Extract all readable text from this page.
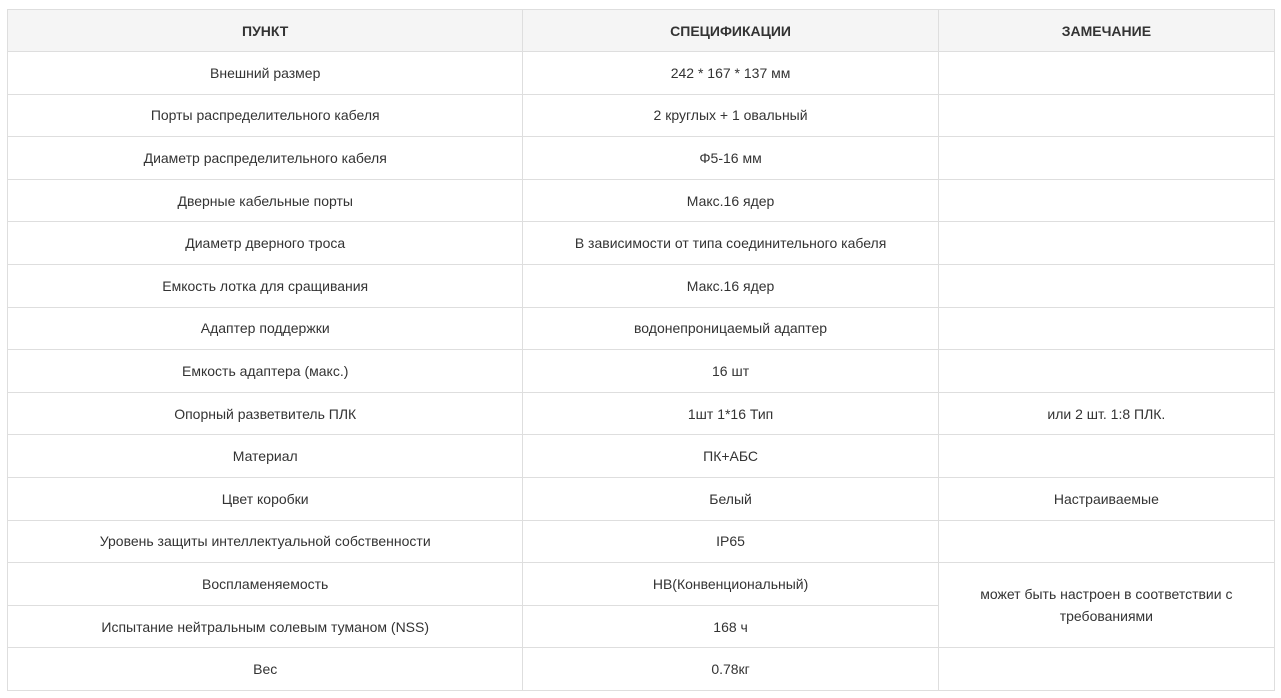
ПУНКТ	СПЕЦИФИКАЦИИ	ЗАМЕЧАНИЕ
Внешний размер	242 * 167 * 137 мм	
Порты распределительного кабеля	2 круглых + 1 овальный	
Диаметр распределительного кабеля	Φ5-16 мм	
Дверные кабельные порты	Макс.16 ядер	
Диаметр дверного троса	В зависимости от типа соединительного кабеля	
Емкость лотка для сращивания	Макс.16 ядер	
Адаптер поддержки	водонепроницаемый адаптер	
Емкость адаптера (макс.)	16 шт	
Опорный разветвитель ПЛК	1шт 1*16 Тип	или 2 шт. 1:8 ПЛК.
Материал	ПК+АБС	
Цвет коробки	Белый	Настраиваемые
Уровень защиты интеллектуальной собственности	IP65	
Воспламеняемость	HB(Конвенциональный)	может быть настроен в соответствии с требованиями
Испытание нейтральным солевым туманом (NSS)	168 ч	
Вес	0.78кг	
